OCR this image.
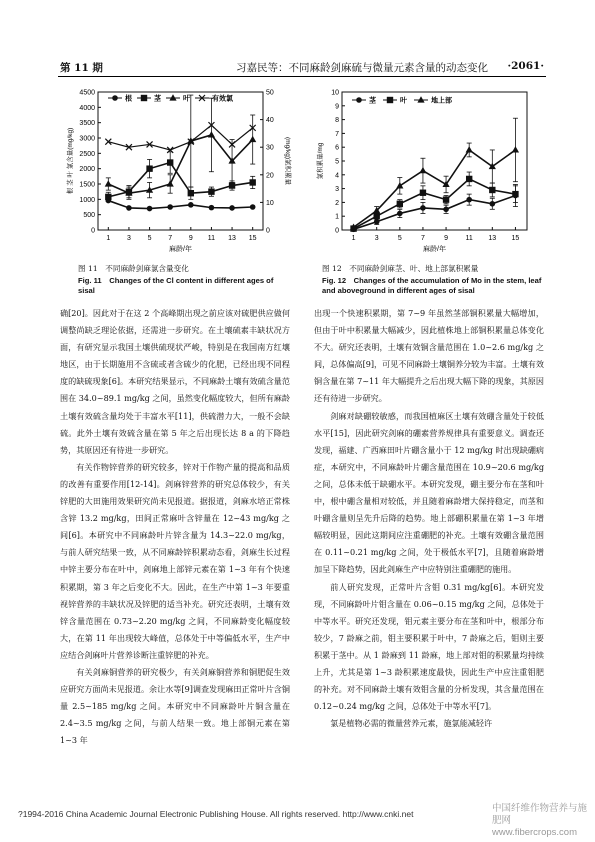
第 11 期	习嘉民等：不同麻龄剑麻硫与微量元素含量的动态变化 ·2061·
0
500
1000
1500
2000
2500
3000
3500
4000
4500
0
10
20
30
40
50
1 3 5 7 9 11 13 15
麻龄/年
根 茎 叶 氯含量(mg/kg)	(mg/kg)氯积累量
根	茎	叶	有效氯
图 11　不同麻龄剑麻氯含量变化
Fig. 11　Changes of the Cl content in different ages of sisal
0
1
2
3
4
5
6
7
8
9
10
1	3	5	7	9	11 13 15
麻龄/年
氯积累量/mg
茎	叶	地上部
图 12　不同麻龄剑麻茎、叶、地上部氯积累量
Fig. 12　Changes of the accumulation of Mo in the stem, leaf and aboveground in different ages of sisal

确[20]。因此对于在这 2 个高峰期出现之前应该对硫肥供应做何调整尚缺乏理论依据，还需进一步研究。在土壤硫素丰缺状况方面，有研究显示我国土壤供硫现状严峻，特别是在我国南方红壤地区，由于长期施用不含硫或者含硫少的化肥，已经出现不同程度的缺硫现象[6]。本研究结果显示，不同麻龄土壤有效硫含量范围在 34.0~89.1 mg/kg 之间，虽然变化幅度较大，但所有麻龄土壤有效硫含量均处于丰富水平[11]，供硫潜力大，一般不会缺硫。此外土壤有效硫含量在第 5 年之后出现长达 8 a 的下降趋势，其原因还有待进一步研究。

有关作物锌营养的研究较多，锌对于作物产量的提高和品质的改善有重要作用[12-14]。剑麻锌营养的研究总体较少，有关锌肥的大田施用效果研究尚未见报道。据报道，剑麻水培正常株含锌 13.2 mg/kg，田间正常麻叶含锌量在 12~43 mg/kg 之间[6]。本研究中不同麻龄叶片锌含量为 14.3~22.0 mg/kg，与前人研究结果一致，从不同麻龄锌积累动态看，剑麻生长过程中锌主要分布在叶中，剑麻地上部锌元素在第 1~3 年有个快速积累期，第 3 年之后变化不大。因此，在生产中第 1~3 年要重视锌营养的丰缺状况及锌肥的适当补充。研究还表明，土壤有效锌含量范围在 0.73~2.20 mg/kg 之间，不同麻龄变化幅度较大，在第 11 年出现较大峰值，总体处于中等偏低水平，生产中应结合剑麻叶片营养诊断注重锌肥的补充。

有关剑麻铜营养的研究极少，有关剑麻铜营养和铜肥促生效应研究方面尚未见报道。余让水等[9]调查发现麻田正常叶片含铜量 2.5~185 mg/kg 之间。本研究中不同麻龄叶片铜含量在 2.4~3.5 mg/kg 之间，与前人结果一致。地上部铜元素在第 1~3 年

出现一个快速积累期，第 7~9 年虽然茎部铜积累量大幅增加，但由于叶中积累量大幅减少，因此植株地上部铜积累量总体变化不大。研究还表明，土壤有效铜含量范围在 1.0~2.6 mg/kg 之间，总体偏高[9]，可见不同麻龄土壤铜养分较为丰富。土壤有效铜含量在第 7~11 年大幅提升之后出现大幅下降的现象，其原因还有待进一步研究。

剑麻对缺硼较敏感，而我国植麻区土壤有效硼含量处于较低水平[15]，因此研究剑麻的硼素营养规律具有重要意义。调查还发现，福建、广西麻田叶片硼含量小于 12 mg/kg 时出现缺硼病症，本研究中，不同麻龄叶片硼含量范围在 10.9~20.6 mg/kg 之间，总体未低于缺硼水平。本研究发现，硼主要分布在茎和叶中，根中硼含量相对较低，并且随着麻龄增大保持稳定，而茎和叶硼含量则呈先升后降的趋势。地上部硼积累量在第 1~3 年增幅较明显，因此这期间应注重硼肥的补充。土壤有效硼含量范围在 0.11~0.21 mg/kg 之间，处于极低水平[7]，且随着麻龄增加呈下降趋势，因此剑麻生产中应特别注重硼肥的施用。

前人研究发现，正常叶片含钼 0.31 mg/kg[6]。本研究发现，不同麻龄叶片钼含量在 0.06~0.15 mg/kg 之间，总体处于中等水平。研究还发现，钼元素主要分布在茎和叶中，根部分布较少，7 龄麻之前，钼主要积累于叶中，7 龄麻之后，钼则主要积累于茎中。从 1 龄麻到 11 龄麻，地上部对钼的积累量均持续上升，尤其是第 1~3 龄积累速度最快，因此生产中应注重钼肥的补充。对不同麻龄土壤有效钼含量的分析发现，其含量范围在 0.12~0.24 mg/kg 之间，总体处于中等水平[7]。

氯是植物必需的微量营养元素，施氯能减轻许

?1994-2016 China Academic Journal Electronic Publishing House. All rights reserved. http://www.cnki.net	中国纤维作物营养与施肥网
www.fibercrops.com
